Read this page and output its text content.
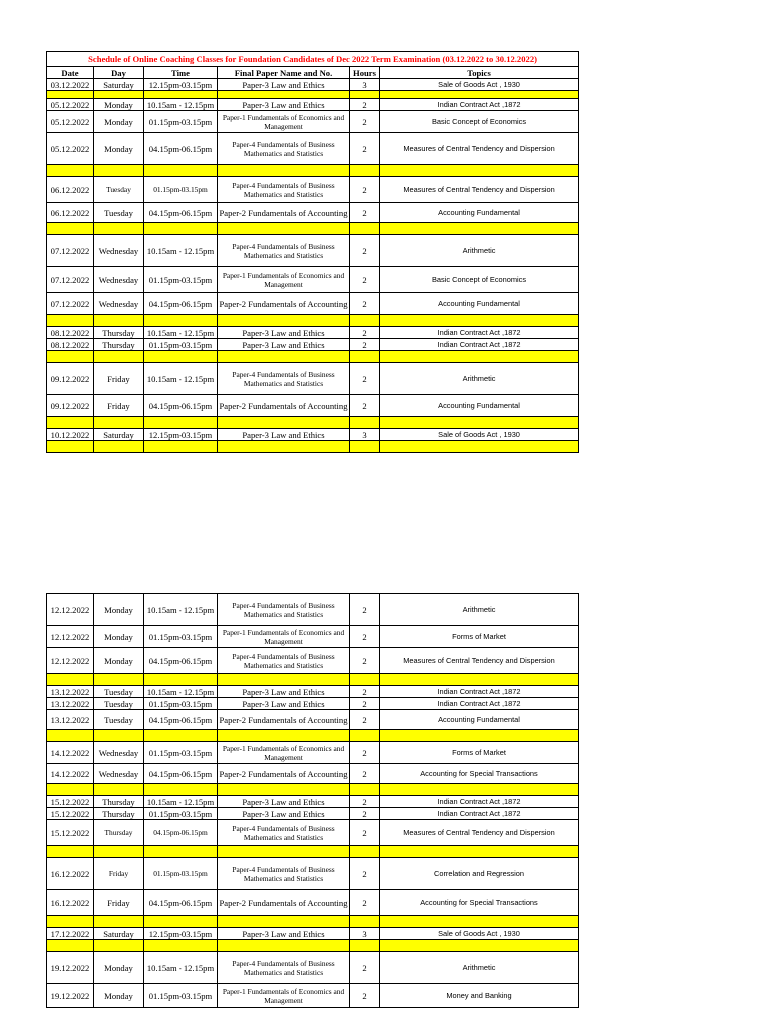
Schedule of Online Coaching Classes for Foundation Candidates of Dec 2022 Term Examination (03.12.2022 to 30.12.2022)					
Date	Day	Time	Final Paper Name and No.	Hours	Topics
03.12.2022	Saturday	12.15pm-03.15pm	Paper-3 Law and Ethics	3	Sale of Goods Act , 1930

05.12.2022	Monday	10.15am - 12.15pm	Paper-3 Law and Ethics	2	Indian Contract Act ,1872
05.12.2022	Monday	01.15pm-03.15pm	Paper-1 Fundamentals of Economics and Management	2	Basic Concept of Economics
05.12.2022	Monday	04.15pm-06.15pm	Paper-4 Fundamentals of Business Mathematics and Statistics	2	Measures of Central Tendency and Dispersion

06.12.2022	Tuesday	01.15pm-03.15pm	Paper-4 Fundamentals of Business Mathematics and Statistics	2	Measures of Central Tendency and Dispersion
06.12.2022	Tuesday	04.15pm-06.15pm	Paper-2 Fundamentals of Accounting	2	Accounting Fundamental

07.12.2022	Wednesday	10.15am - 12.15pm	Paper-4 Fundamentals of Business Mathematics and Statistics	2	Arithmetic
07.12.2022	Wednesday	01.15pm-03.15pm	Paper-1 Fundamentals of Economics and Management	2	Basic Concept of Economics
07.12.2022	Wednesday	04.15pm-06.15pm	Paper-2 Fundamentals of Accounting	2	Accounting Fundamental

08.12.2022	Thursday	10.15am - 12.15pm	Paper-3 Law and Ethics	2	Indian Contract Act ,1872
08.12.2022	Thursday	01.15pm-03.15pm	Paper-3 Law and Ethics	2	Indian Contract Act ,1872

09.12.2022	Friday	10.15am - 12.15pm	Paper-4 Fundamentals of Business Mathematics and Statistics	2	Arithmetic
09.12.2022	Friday	04.15pm-06.15pm	Paper-2 Fundamentals of Accounting	2	Accounting Fundamental

10.12.2022	Saturday	12.15pm-03.15pm	Paper-3 Law and Ethics	3	Sale of Goods Act , 1930

12.12.2022	Monday	10.15am - 12.15pm	Paper-4 Fundamentals of Business Mathematics and Statistics	2	Arithmetic
12.12.2022	Monday	01.15pm-03.15pm	Paper-1 Fundamentals of Economics and Management	2	Forms of Market
12.12.2022	Monday	04.15pm-06.15pm	Paper-4 Fundamentals of Business Mathematics and Statistics	2	Measures of Central Tendency and Dispersion

13.12.2022	Tuesday	10.15am - 12.15pm	Paper-3 Law and Ethics	2	Indian Contract Act ,1872
13.12.2022	Tuesday	01.15pm-03.15pm	Paper-3 Law and Ethics	2	Indian Contract Act ,1872
13.12.2022	Tuesday	04.15pm-06.15pm	Paper-2 Fundamentals of Accounting	2	Accounting Fundamental

14.12.2022	Wednesday	01.15pm-03.15pm	Paper-1 Fundamentals of Economics and Management	2	Forms of Market
14.12.2022	Wednesday	04.15pm-06.15pm	Paper-2 Fundamentals of Accounting	2	Accounting for Special Transactions

15.12.2022	Thursday	10.15am - 12.15pm	Paper-3 Law and Ethics	2	Indian Contract Act ,1872
15.12.2022	Thursday	01.15pm-03.15pm	Paper-3 Law and Ethics	2	Indian Contract Act ,1872
15.12.2022	Thursday	04.15pm-06.15pm	Paper-4 Fundamentals of Business Mathematics and Statistics	2	Measures of Central Tendency and Dispersion

16.12.2022	Friday	01.15pm-03.15pm	Paper-4 Fundamentals of Business Mathematics and Statistics	2	Correlation and Regression
16.12.2022	Friday	04.15pm-06.15pm	Paper-2 Fundamentals of Accounting	2	Accounting for Special Transactions

17.12.2022	Saturday	12.15pm-03.15pm	Paper-3 Law and Ethics	3	Sale of Goods Act , 1930

19.12.2022	Monday	10.15am - 12.15pm	Paper-4 Fundamentals of Business Mathematics and Statistics	2	Arithmetic
19.12.2022	Monday	01.15pm-03.15pm	Paper-1 Fundamentals of Economics and Management	2	Money and Banking
